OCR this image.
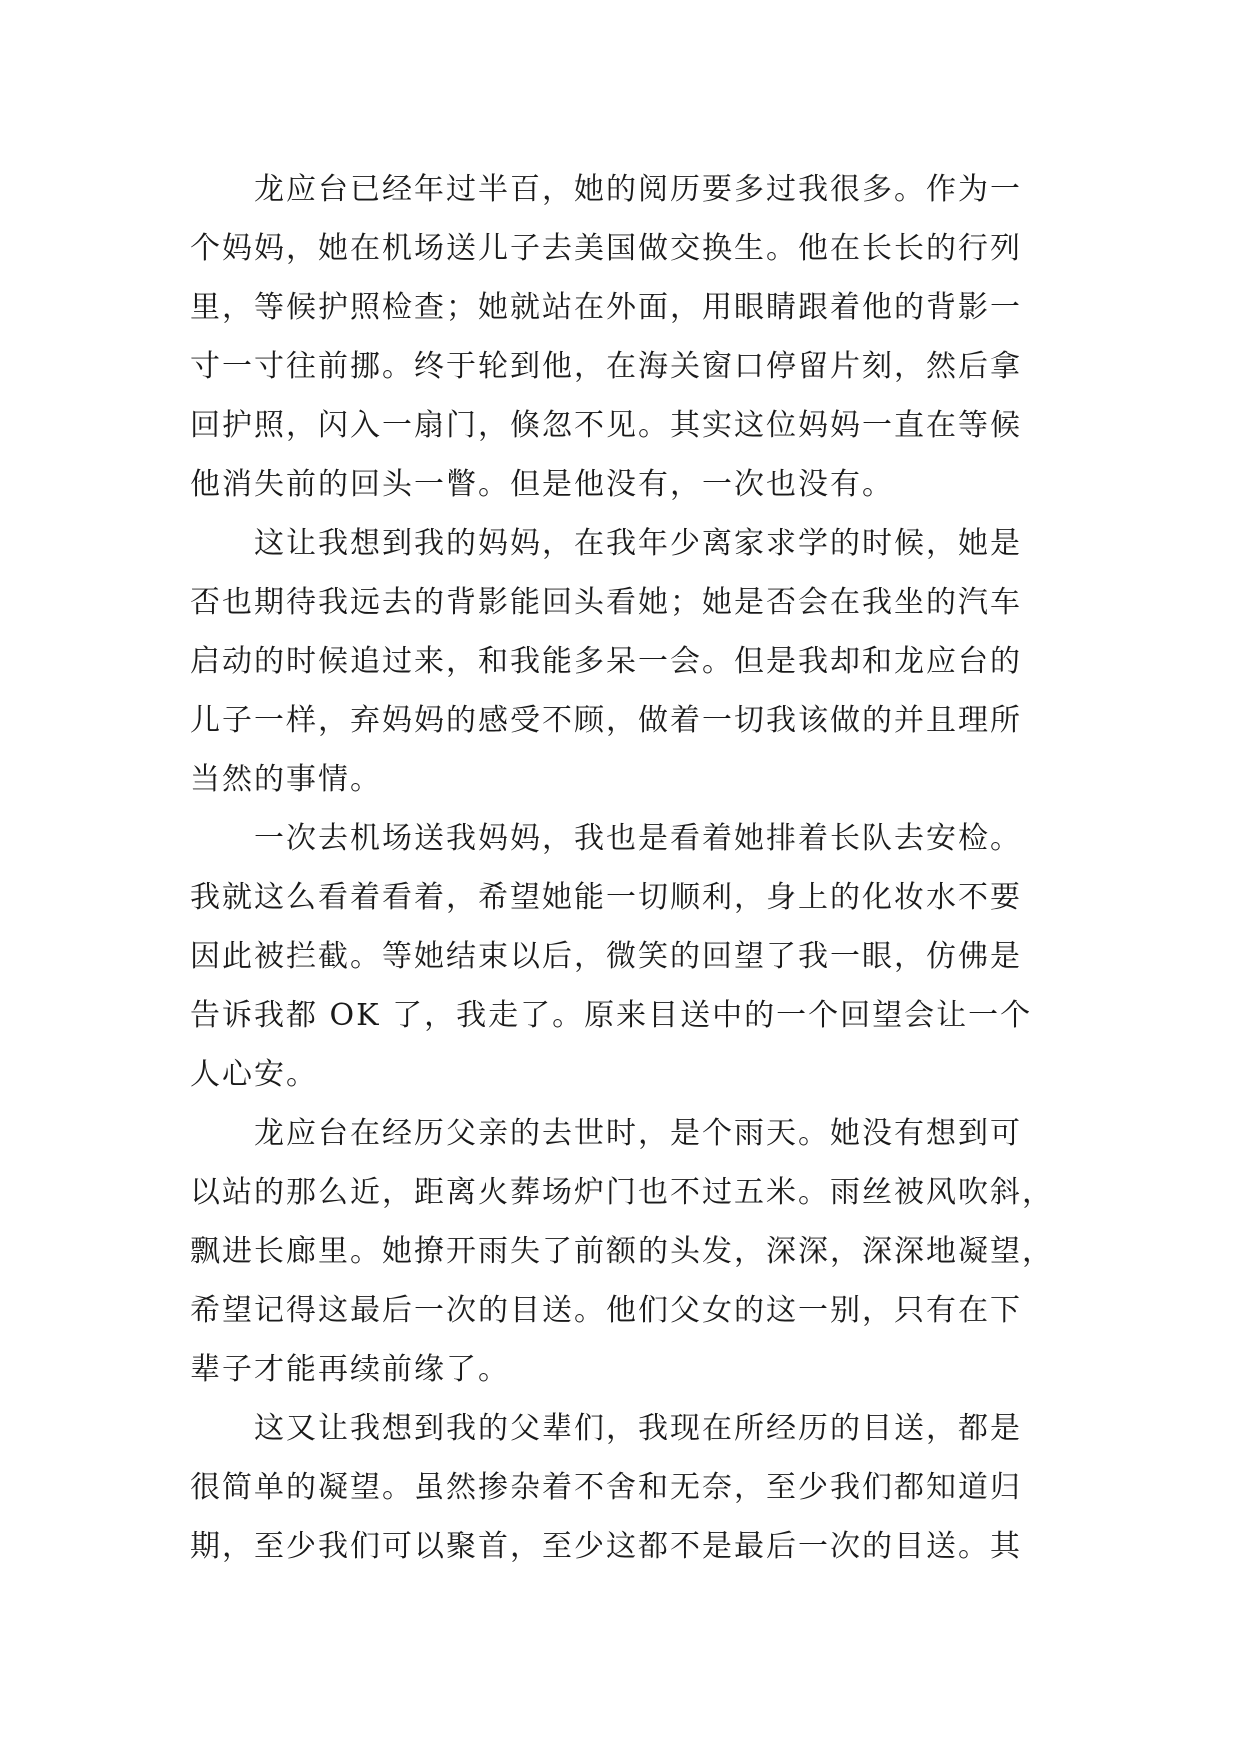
龙应台已经年过半百，她的阅历要多过我很多。作为一
个妈妈，她在机场送儿子去美国做交换生。他在长长的行列
里，等候护照检查；她就站在外面，用眼睛跟着他的背影一
寸一寸往前挪。终于轮到他，在海关窗口停留片刻，然后拿
回护照，闪入一扇门，倏忽不见。其实这位妈妈一直在等候
他消失前的回头一瞥。但是他没有，一次也没有。

这让我想到我的妈妈，在我年少离家求学的时候，她是
否也期待我远去的背影能回头看她；她是否会在我坐的汽车
启动的时候追过来，和我能多呆一会。但是我却和龙应台的
儿子一样，弃妈妈的感受不顾，做着一切我该做的并且理所
当然的事情。

一次去机场送我妈妈，我也是看着她排着长队去安检。
我就这么看着看着，希望她能一切顺利，身上的化妆水不要
因此被拦截。等她结束以后，微笑的回望了我一眼，仿佛是
告诉我都 OK 了，我走了。原来目送中的一个回望会让一个
人心安。

龙应台在经历父亲的去世时，是个雨天。她没有想到可
以站的那么近，距离火葬场炉门也不过五米。雨丝被风吹斜，
飘进长廊里。她撩开雨失了前额的头发，深深，深深地凝望，
希望记得这最后一次的目送。他们父女的这一别，只有在下
辈子才能再续前缘了。

这又让我想到我的父辈们，我现在所经历的目送，都是
很简单的凝望。虽然掺杂着不舍和无奈，至少我们都知道归
期，至少我们可以聚首，至少这都不是最后一次的目送。其
